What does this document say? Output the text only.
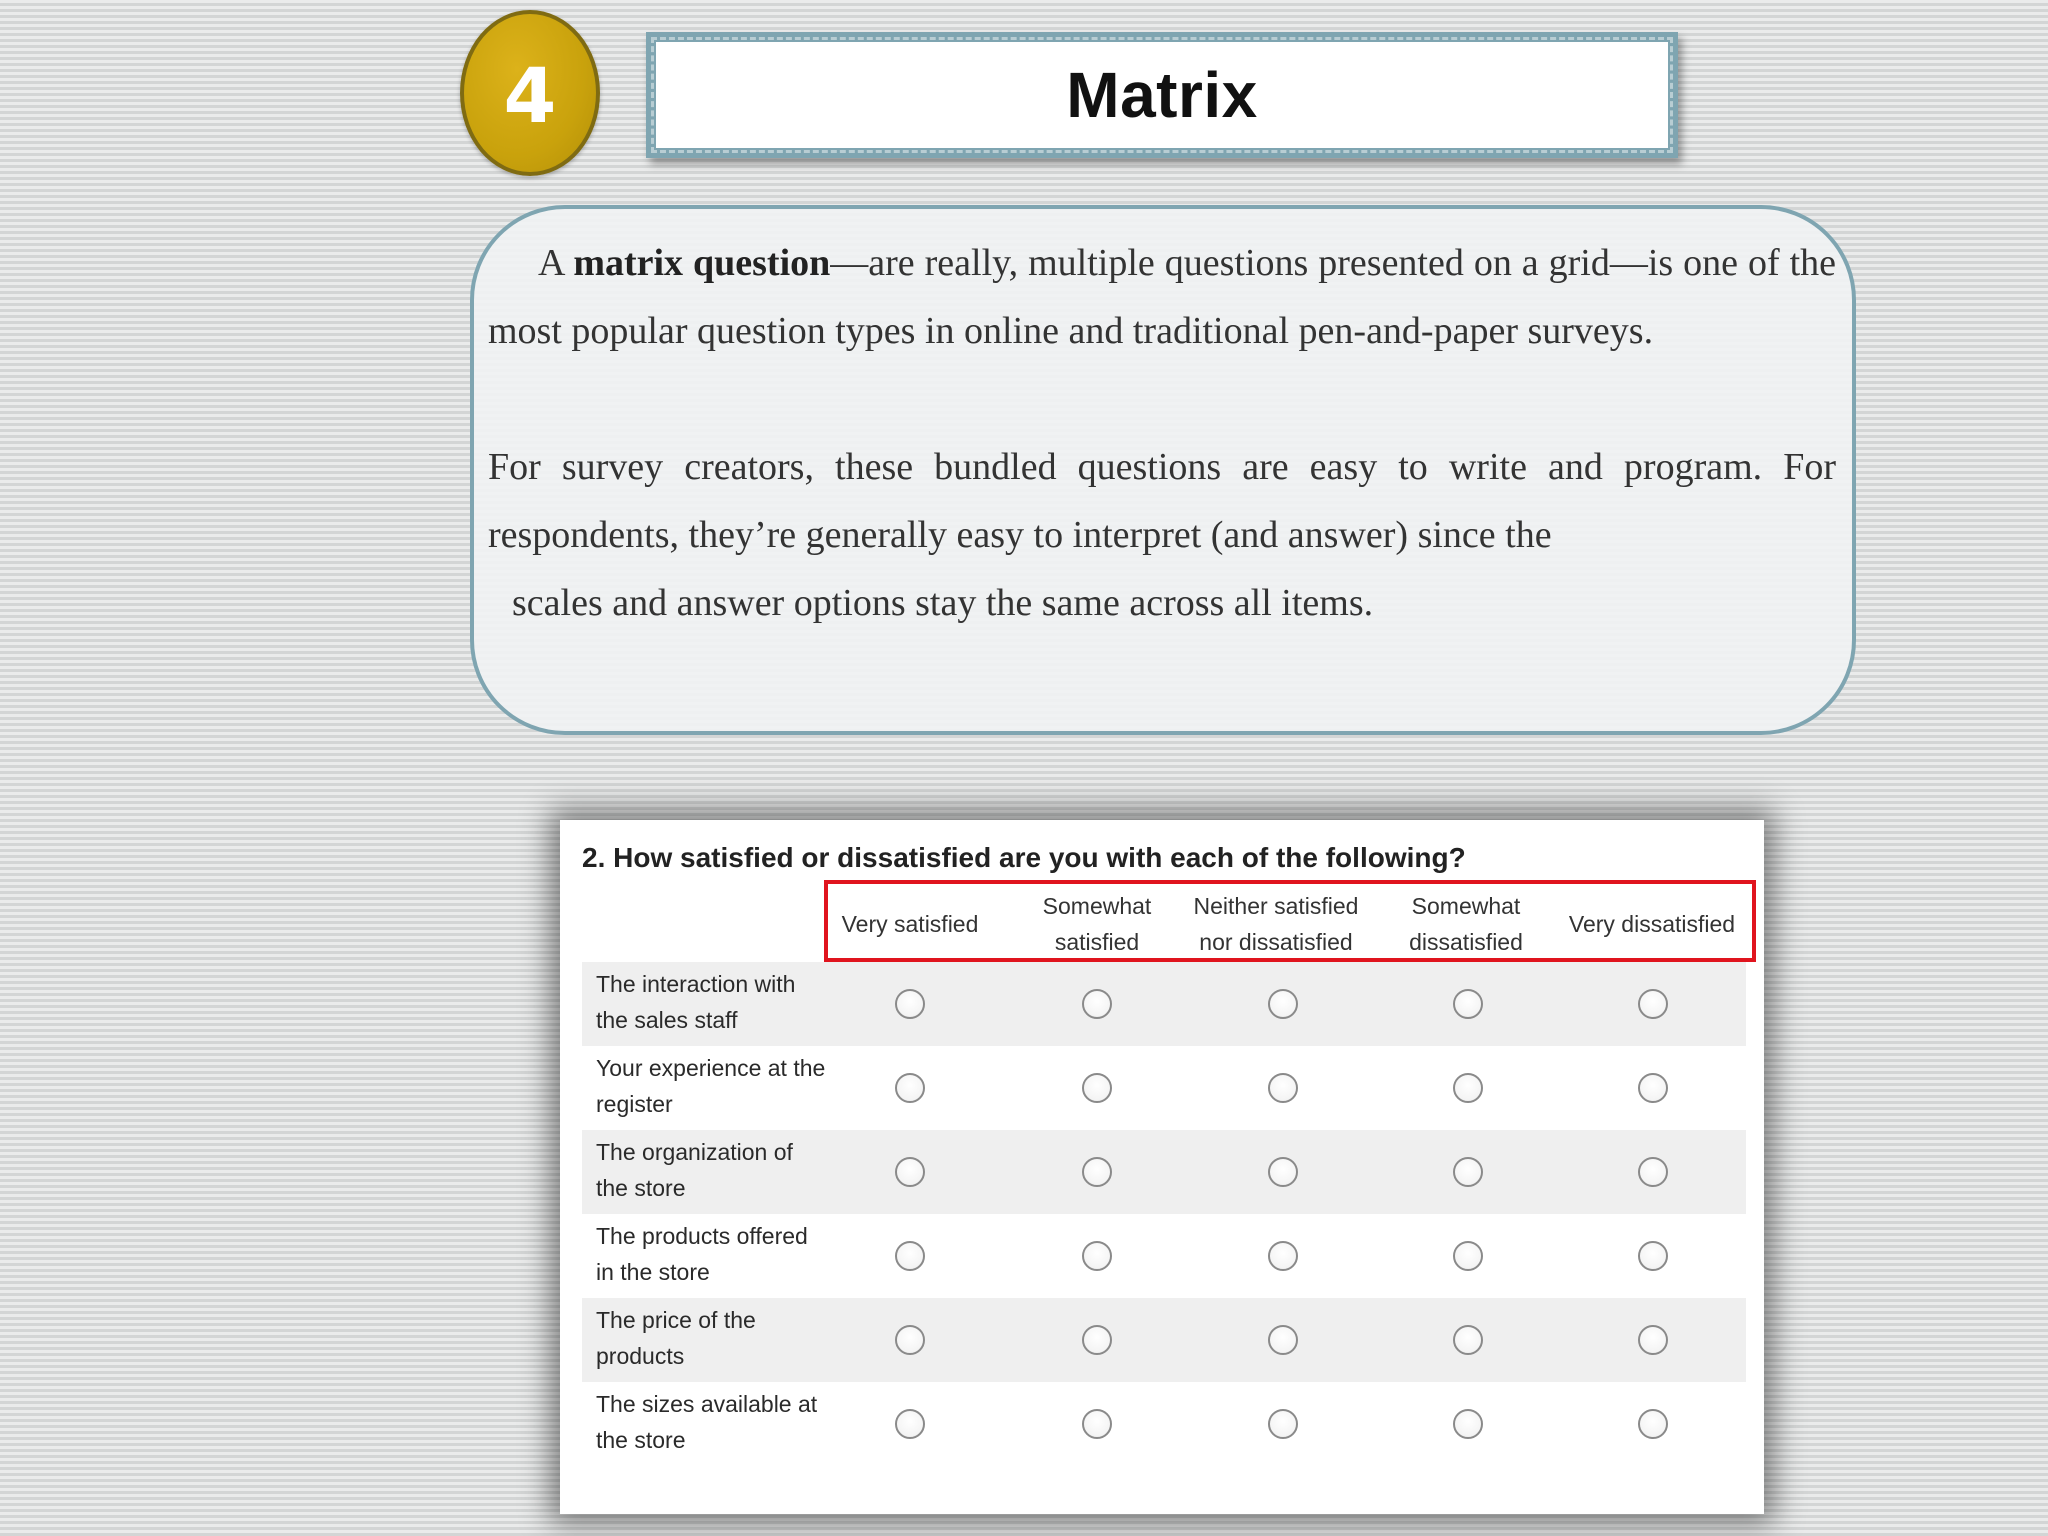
4	Matrix

A matrix question—are really, multiple questions presented on a grid—is one of the most popular question types in online and traditional pen-and-paper surveys.

For survey creators, these bundled questions are easy to write and program. For respondents, they’re generally easy to interpret (and answer) since the
scales and answer options stay the same across all items.

2. How satisfied or dissatisfied are you with each of the following?
Very satisfied
Somewhat satisfied
Neither satisfied nor dissatisfied
Somewhat dissatisfied
Very dissatisfied
The interaction with the sales staff
Your experience at the register
The organization of the store
The products offered in the store
The price of the products
The sizes available at the store
